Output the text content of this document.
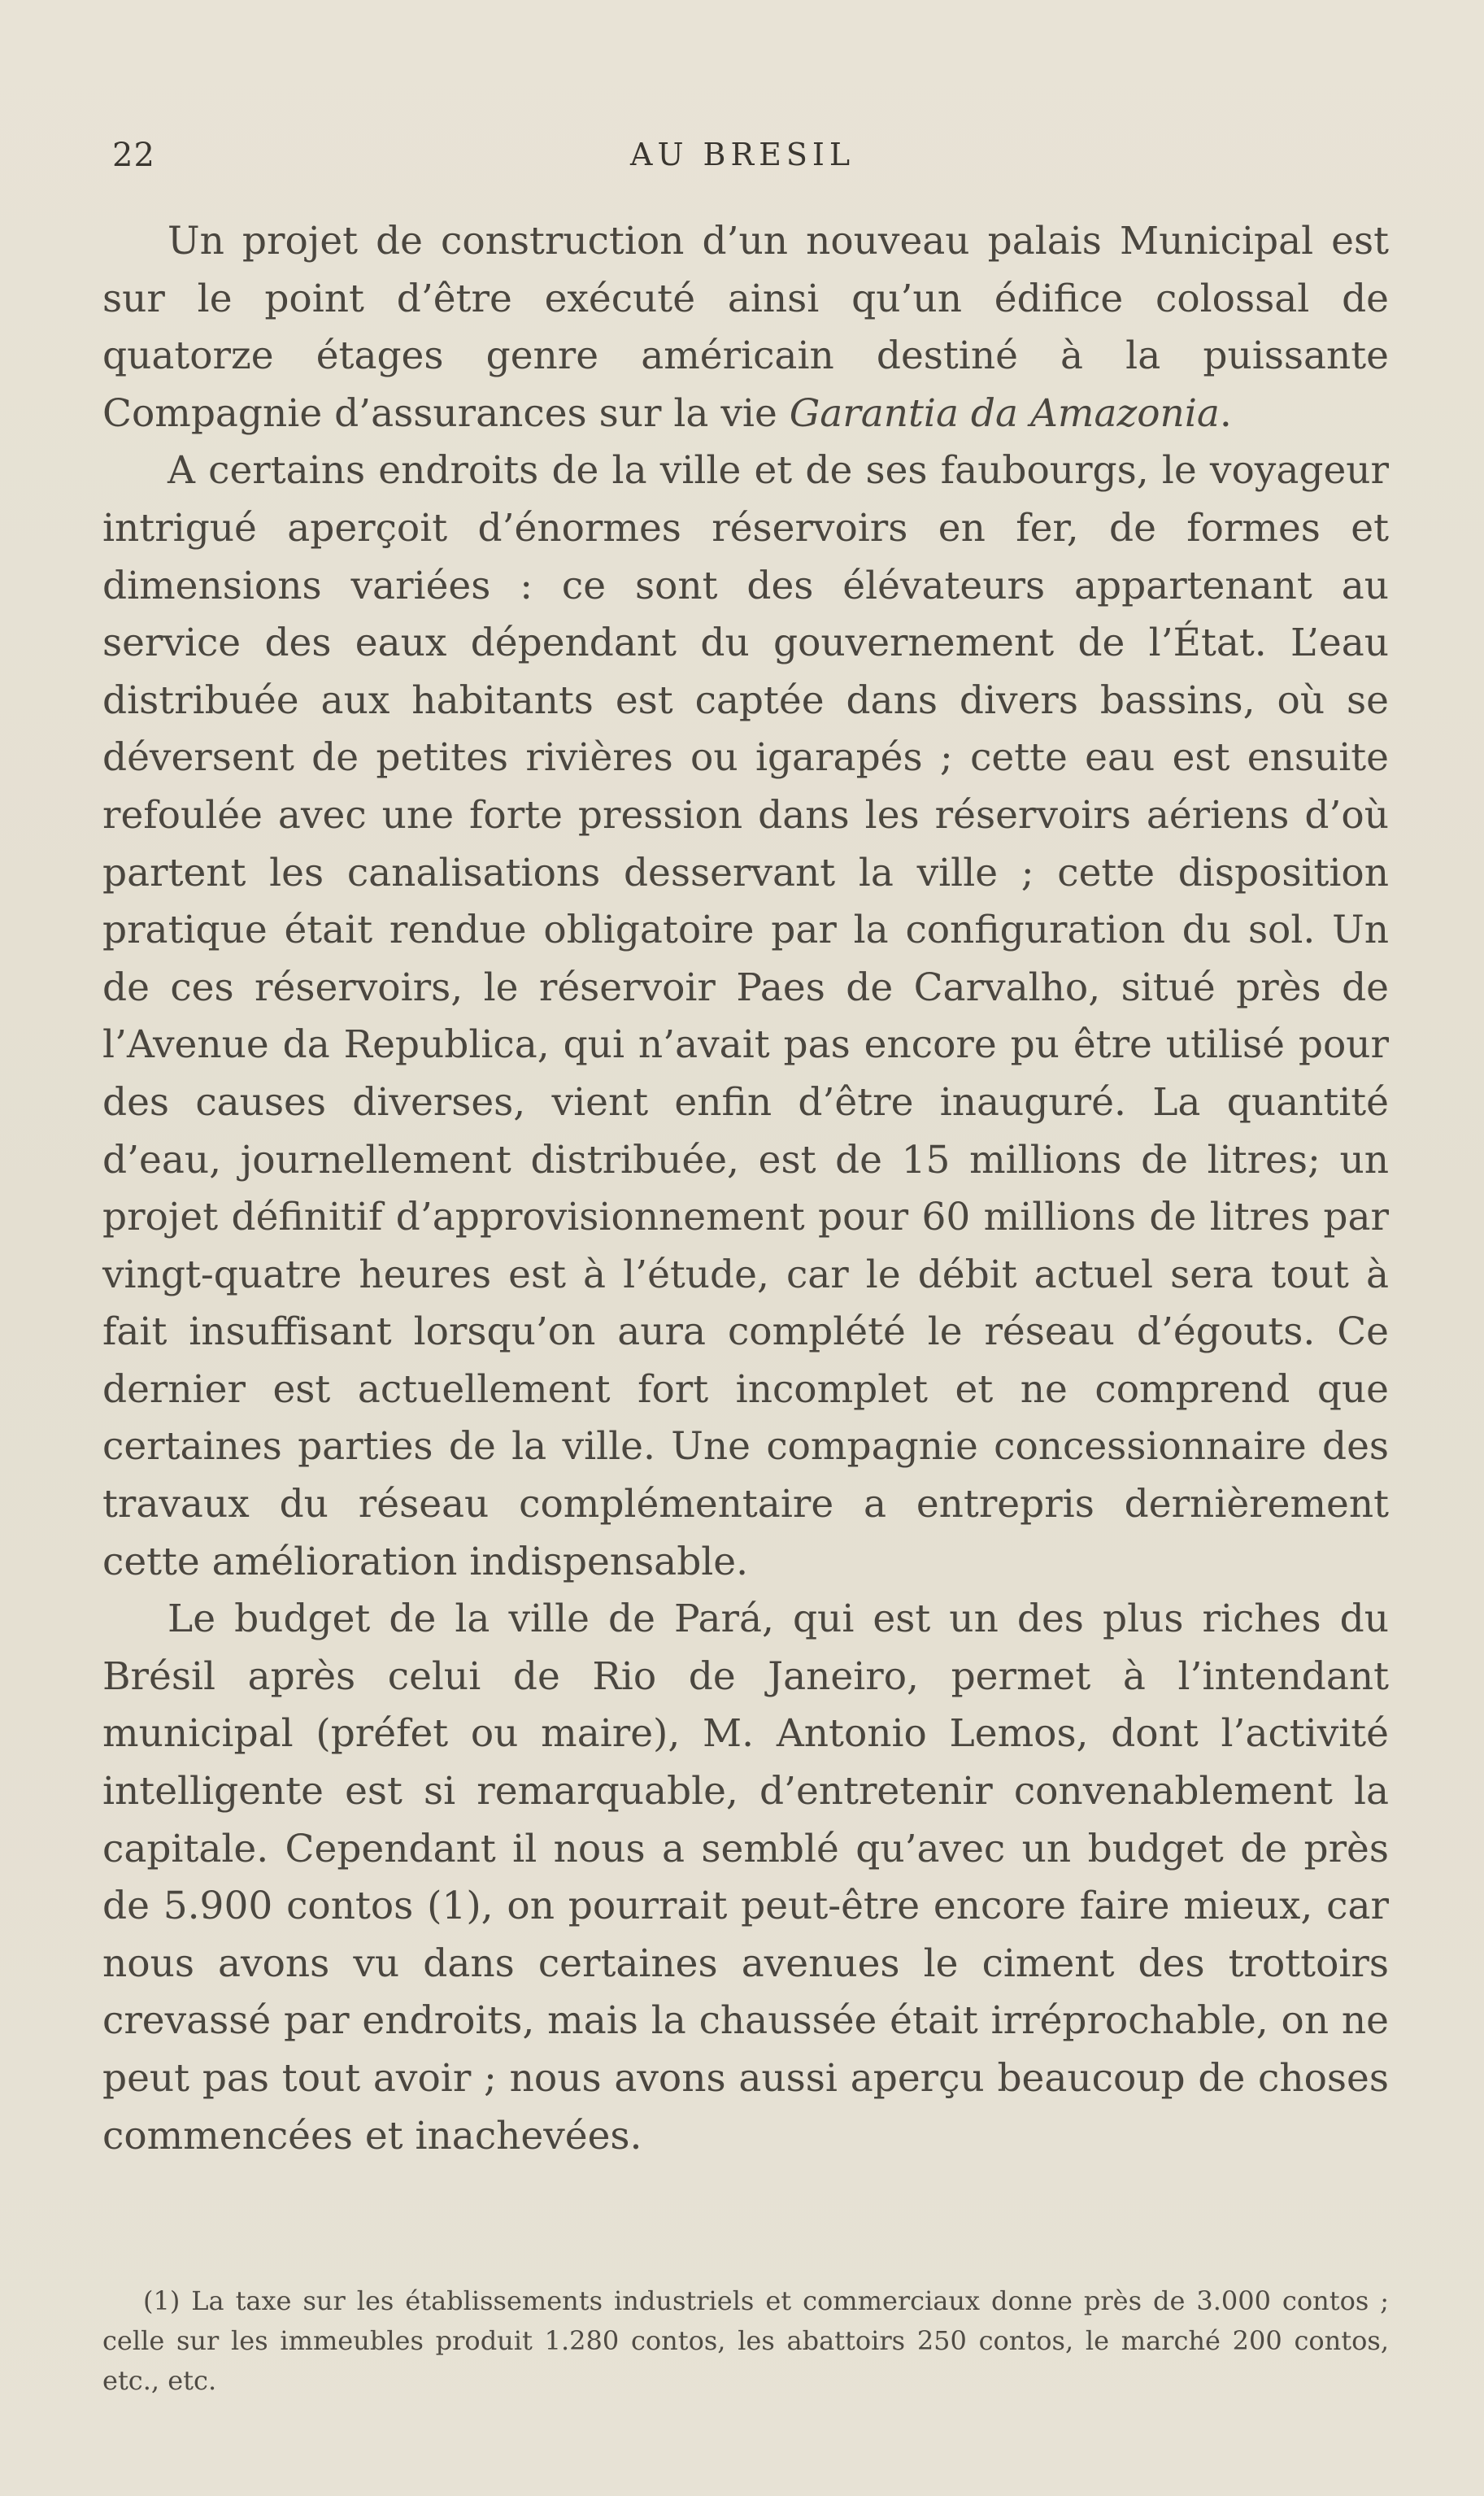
22	AU BRESIL

Un projet de construction d’un nouveau palais Municipal est sur le point d’être exécuté ainsi qu’un édifice colossal de quatorze étages genre américain destiné à la puissante Compagnie d’assurances sur la vie Garantia da Amazonia.

A certains endroits de la ville et de ses faubourgs, le voyageur intrigué aperçoit d’énormes réservoirs en fer, de formes et dimensions variées : ce sont des élévateurs appartenant au service des eaux dépendant du gouvernement de l’État. L’eau distribuée aux habitants est captée dans divers bassins, où se déversent de petites rivières ou igarapés ; cette eau est ensuite refoulée avec une forte pression dans les réservoirs aériens d’où partent les canalisations desservant la ville ; cette disposition pratique était rendue obligatoire par la configuration du sol. Un de ces réservoirs, le réservoir Paes de Carvalho, situé près de l’Avenue da Republica, qui n’avait pas encore pu être utilisé pour des causes diverses, vient enfin d’être inauguré. La quantité d’eau, journellement distribuée, est de 15 millions de litres; un projet définitif d’approvisionnement pour 60 millions de litres par vingt-quatre heures est à l’étude, car le débit actuel sera tout à fait insuffisant lorsqu’on aura complété le réseau d’égouts. Ce dernier est actuellement fort incomplet et ne comprend que certaines parties de la ville. Une compagnie concessionnaire des travaux du réseau complémentaire a entrepris dernièrement cette amélioration indispensable.

Le budget de la ville de Pará, qui est un des plus riches du Brésil après celui de Rio de Janeiro, permet à l’intendant municipal (préfet ou maire), M. Antonio Lemos, dont l’activité intelligente est si remarquable, d’entretenir convenablement la capitale. Cependant il nous a semblé qu’avec un budget de près de 5.900 contos (1), on pourrait peut-être encore faire mieux, car nous avons vu dans certaines avenues le ciment des trottoirs crevassé par endroits, mais la chaussée était irréprochable, on ne peut pas tout avoir ; nous avons aussi aperçu beaucoup de choses commencées et inachevées.

(1) La taxe sur les établissements industriels et commerciaux donne près de 3.000 contos ; celle sur les immeubles produit 1.280 contos, les abattoirs 250 contos, le marché 200 contos, etc., etc.
